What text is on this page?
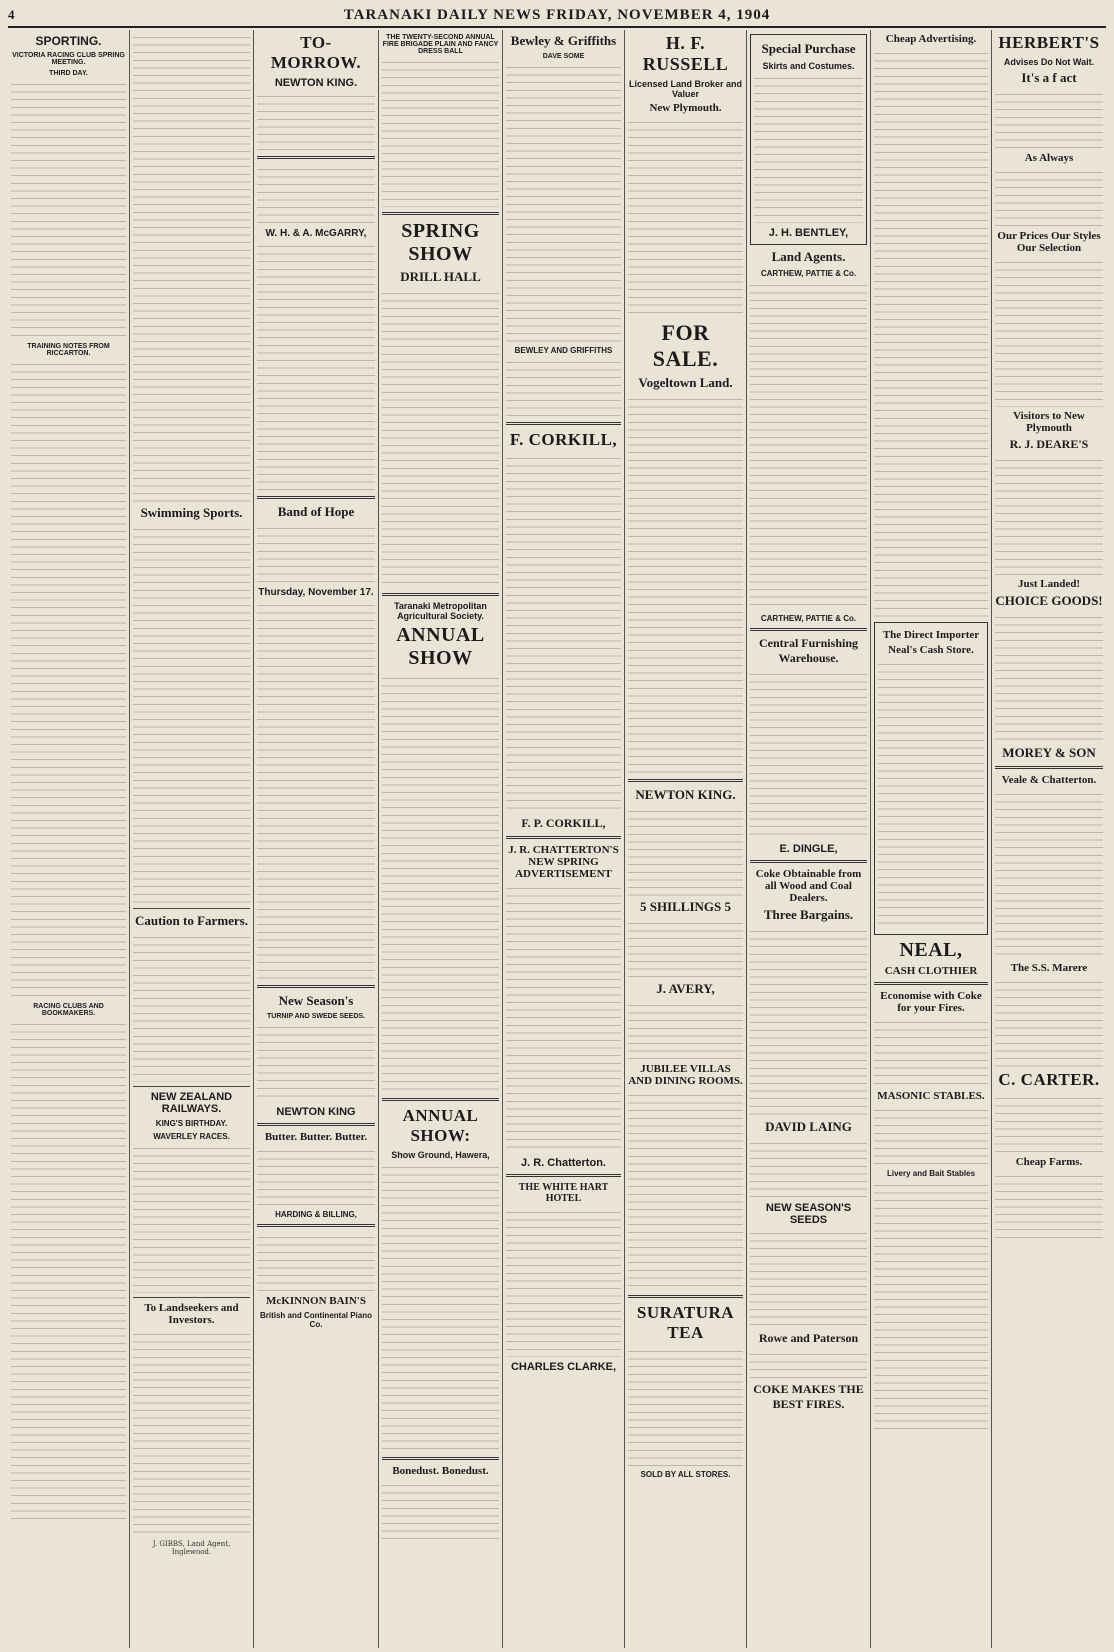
4	TARANAKI DAILY NEWS FRIDAY, NOVEMBER 4, 1904
SPORTING.
VICTORIA RACING CLUB SPRING MEETING.
THIRD DAY.
TRAINING NOTES FROM RICCARTON.
RACING CLUBS AND BOOKMAKERS.
Swimming Sports.
Caution to Farmers.
NEW ZEALAND RAILWAYS.
KING'S BIRTHDAY.
WAVERLEY RACES.
To Landseekers and Investors.
J. GIBBS, Land Agent, Inglewood.
TO-MORROW.
NEWTON KING.
W. H. & A. McGARRY,
Band of Hope
Thursday, November 17.
New Season's
TURNIP AND SWEDE SEEDS.
NEWTON KING
Butter. Butter. Butter.
HARDING & BILLING,
McKINNON BAIN'S
British and Continental Piano Co.
THE TWENTY-SECOND ANNUAL FIRE BRIGADE PLAIN AND FANCY DRESS BALL
SPRING SHOW
DRILL HALL
Taranaki Metropolitan Agricultural Society.
ANNUAL SHOW
ANNUAL SHOW:
Show Ground, Hawera,
Bonedust. Bonedust.
Bewley & Griffiths
DAVE SOME
BEWLEY AND GRIFFITHS
F. CORKILL,
F. P. CORKILL,
J. R. CHATTERTON'S NEW SPRING ADVERTISEMENT
J. R. Chatterton.
THE WHITE HART HOTEL
CHARLES CLARKE,
H. F. RUSSELL
Licensed Land Broker and Valuer
New Plymouth.
FOR SALE.
Vogeltown Land.
NEWTON KING.
5 SHILLINGS 5
J. AVERY,
JUBILEE VILLAS AND DINING ROOMS.
SURATURA TEA
SOLD BY ALL STORES.
Special Purchase
Skirts and Costumes.
J. H. BENTLEY,
Land Agents.
CARTHEW, PATTIE & Co.
CARTHEW, PATTIE & Co.
Central Furnishing Warehouse.
E. DINGLE,
Coke Obtainable from all Wood and Coal Dealers.
Three Bargains.
DAVID LAING
NEW SEASON'S SEEDS
Rowe and Paterson
COKE MAKES THE BEST FIRES.
Cheap Advertising.
The Direct Importer
Neal's Cash Store.
NEAL,
CASH CLOTHIER
Economise with Coke for your Fires.
MASONIC STABLES.
Livery and Bait Stables
HERBERT'S
Advises Do Not Wait.
It's a f act
As Always
Our Prices Our Styles Our Selection
Visitors to New Plymouth
R. J. DEARE'S
Just Landed!
CHOICE GOODS!
MOREY & SON
Veale & Chatterton.
The S.S. Marere
C. CARTER.
Cheap Farms.
